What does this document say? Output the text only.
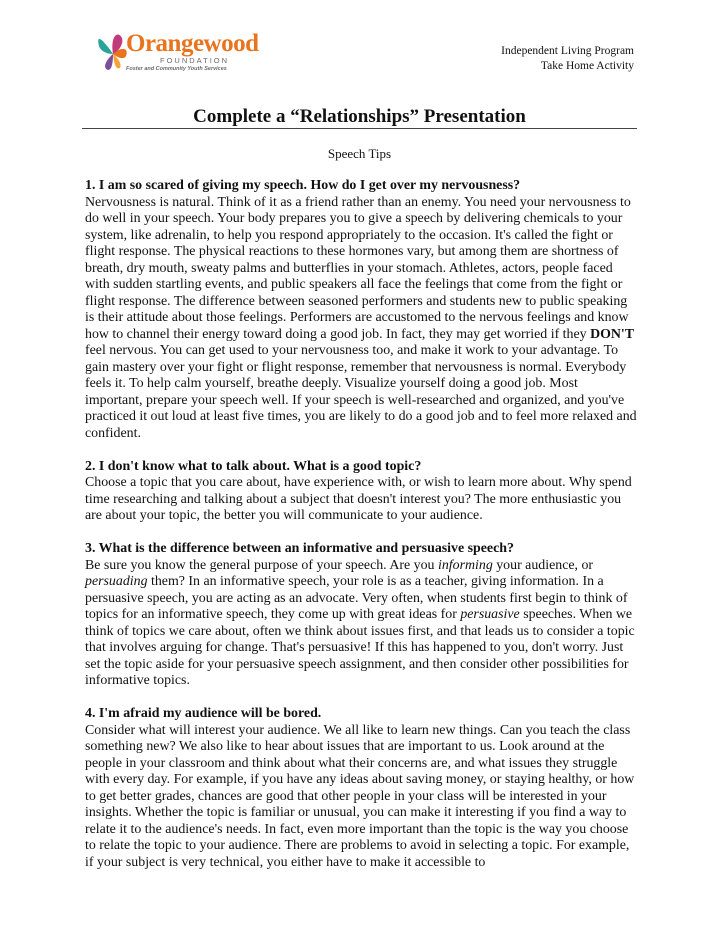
Orangewood
FOUNDATION
Foster and Community Youth Services
Independent Living Program
Take Home Activity
Complete a “Relationships” Presentation
Speech Tips
1. I am so scared of giving my speech. How do I get over my nervousness?
Nervousness is natural. Think of it as a friend rather than an enemy. You need your nervousness to do well in your speech. Your body prepares you to give a speech by delivering chemicals to your system, like adrenalin, to help you respond appropriately to the occasion. It's called the fight or flight response. The physical reactions to these hormones vary, but among them are shortness of breath, dry mouth, sweaty palms and butterflies in your stomach. Athletes, actors, people faced with sudden startling events, and public speakers all face the feelings that come from the fight or flight response. The difference between seasoned performers and students new to public speaking is their attitude about those feelings. Performers are accustomed to the nervous feelings and know how to channel their energy toward doing a good job. In fact, they may get worried if they DON'T feel nervous. You can get used to your nervousness too, and make it work to your advantage. To gain mastery over your fight or flight response, remember that nervousness is normal. Everybody feels it. To help calm yourself, breathe deeply. Visualize yourself doing a good job. Most important, prepare your speech well. If your speech is well-researched and organized, and you've practiced it out loud at least five times, you are likely to do a good job and to feel more relaxed and confident.
2. I don't know what to talk about. What is a good topic?
Choose a topic that you care about, have experience with, or wish to learn more about. Why spend time researching and talking about a subject that doesn't interest you? The more enthusiastic you are about your topic, the better you will communicate to your audience.
3. What is the difference between an informative and persuasive speech?
Be sure you know the general purpose of your speech. Are you informing your audience, or persuading them? In an informative speech, your role is as a teacher, giving information. In a persuasive speech, you are acting as an advocate. Very often, when students first begin to think of topics for an informative speech, they come up with great ideas for persuasive speeches. When we think of topics we care about, often we think about issues first, and that leads us to consider a topic that involves arguing for change. That's persuasive! If this has happened to you, don't worry. Just set the topic aside for your persuasive speech assignment, and then consider other possibilities for informative topics.
4. I'm afraid my audience will be bored.
Consider what will interest your audience. We all like to learn new things. Can you teach the class something new? We also like to hear about issues that are important to us. Look around at the people in your classroom and think about what their concerns are, and what issues they struggle with every day. For example, if you have any ideas about saving money, or staying healthy, or how to get better grades, chances are good that other people in your class will be interested in your insights. Whether the topic is familiar or unusual, you can make it interesting if you find a way to relate it to the audience's needs. In fact, even more important than the topic is the way you choose to relate the topic to your audience. There are problems to avoid in selecting a topic. For example, if your subject is very technical, you either have to make it accessible to
